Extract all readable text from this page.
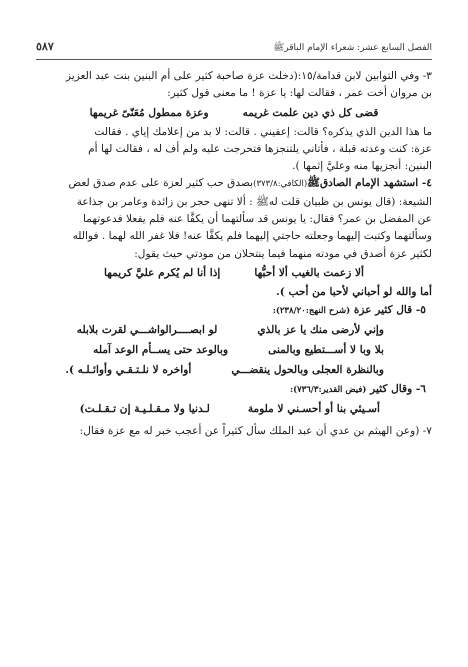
٥٨٧	الفصل السابع عشر: شعراء الإمام الباقرﷺ

٣- وفي التوابين لابن قدامة/١٥:(دخلت عزة صاحبة كثير على أم البنين بنت عبد العزيز

بن مروان أخت عمر ، فقالت لها: يا عزة ! ما معنى قول كثير:

قضى كل ذي دين علمت غريمه
وعزة ممطول مُعَنّىً غريمها

ما هذا الدين الذي يذكره؟ قالت: إعفيني . قالت: لا بد من إعلامك إياي . فقالت

عزة: كنت وعدته قبلة ، فأتاني يلتنجزها فتحرجت عليه ولم أف له ، فقالت لها أم

البنين: أنجزيها منه وعليَّ إثمها ).

٤- استشهد الإمام الصادقﷺ(الكافي:٣٧٣/٨)بصدق حب كثير لعزة على عدم صدق لعض

الشيعة: (قال يونس بن ظبيان قلت لهﷺ : ألا تنهى حجر بن زائدة وعامر بن جذاعة

عن المفضل بن عمر؟ فقال: يا يونس قد سألتهما أن يكفَّا عنه فلم يفعلا فدعوتهما

وسألتهما وكتبت إليهما وجعلته حاجتي إليهما فلم يكفَّا عنه! فلا غفر الله لهما . فوالله

لكثير عزة أصدق في مودته منهما فيما ينتحلان من مودتي حيث يقول:

ألا زعمت بالغيب ألا أحبُّها
إذا أنا لم يُكرم عليَّ كريمها

أما والله لو أحباني لأحبا من أحب ).

٥- قال كثير عزة (شرح النهج:٢٣٨/٢٠):
وإني لأرضى منك يا عز بالذي
لو ابصــــرالواشـــي لقرت بلابله
بلا وبا لا أســـتطيع وبالمنى
وبالوعد حتى يســأم الوعد آمله
وبالنظرة العجلى وبالحول ينقضـــي
أواخره لا نلـتـقـي وأوائـلـه ).
٦- وقال كثير (فيض القدير:٧٣٦/٣):
أسـيئي بنا أو أحسـني لا ملومة
لـدنيا ولا مـقـلـيـة إن تـقـلـت)

٧- (وعن الهيثم بن عدي أن عبد الملك سأل كثيراً عن أعجب خبر له مع عزة فقال:
